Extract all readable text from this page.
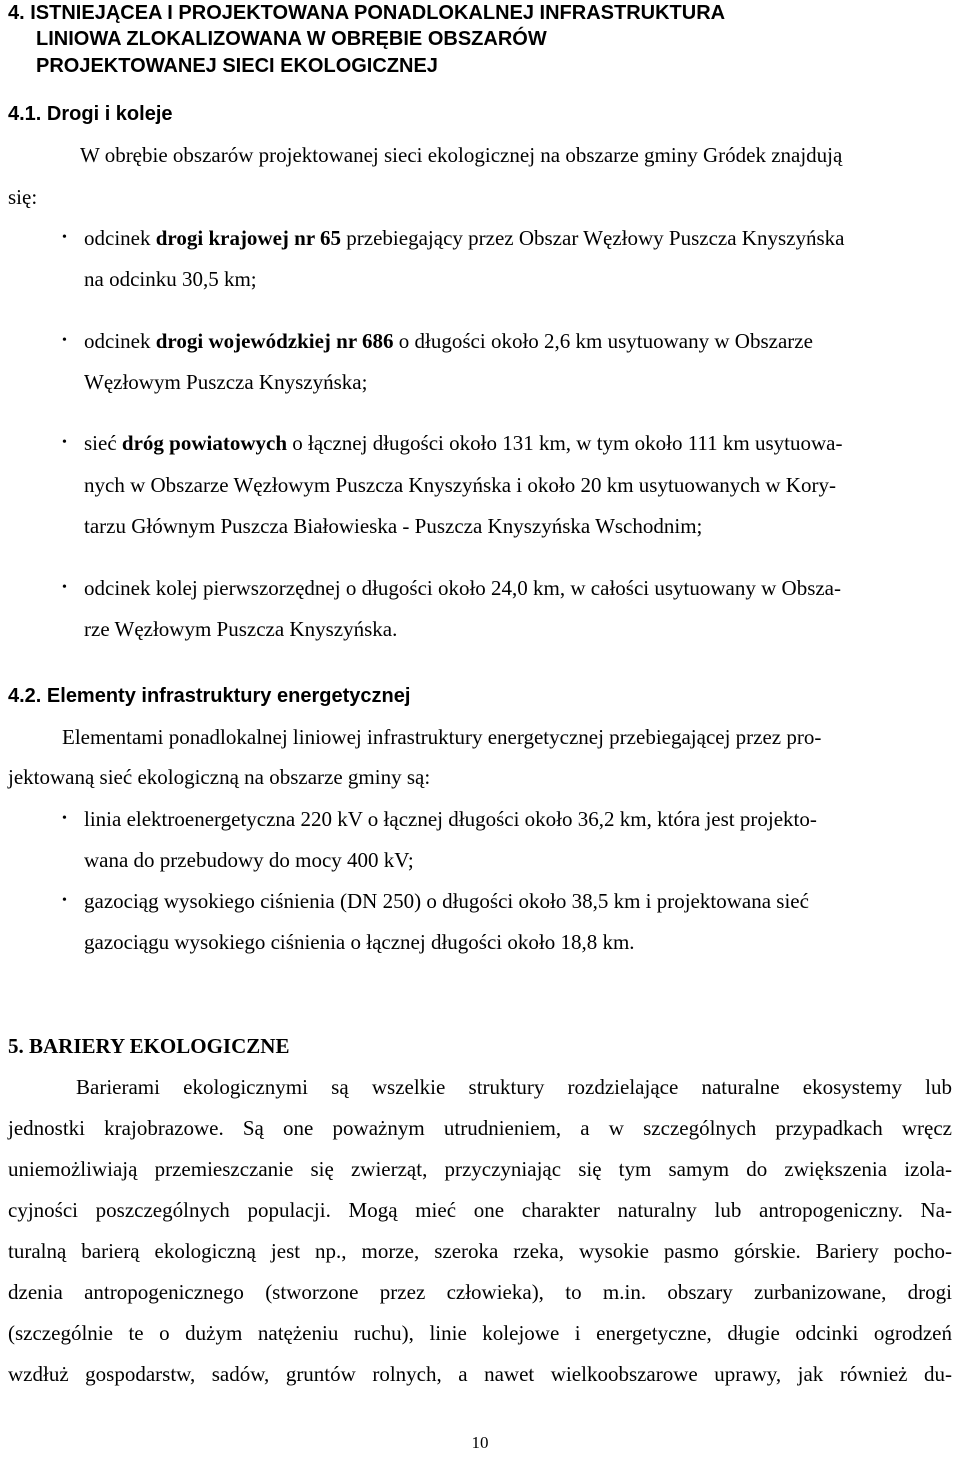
4. ISTNIEJĄCEA I PROJEKTOWANA PONADLOKALNEJ INFRASTRUKTURA
LINIOWA ZLOKALIZOWANA W OBRĘBIE OBSZARÓW
PROJEKTOWANEJ SIECI EKOLOGICZNEJ
4.1. Drogi i koleje
W obrębie obszarów projektowanej sieci ekologicznej na obszarze gminy Gródek znajdują
się:
• odcinek drogi krajowej nr 65 przebiegający przez Obszar Węzłowy Puszcza Knyszyńska
na odcinku 30,5 km;
• odcinek drogi wojewódzkiej nr 686 o długości około 2,6 km usytuowany w Obszarze
Węzłowym Puszcza Knyszyńska;
• sieć dróg powiatowych o łącznej długości około 131 km, w tym około 111 km usytuowa-
nych w Obszarze Węzłowym Puszcza Knyszyńska i około 20 km usytuowanych w Kory-
tarzu Głównym Puszcza Białowieska - Puszcza Knyszyńska Wschodnim;
• odcinek kolej pierwszorzędnej o długości około 24,0 km, w całości usytuowany w Obsza-
rze Węzłowym Puszcza Knyszyńska.
4.2. Elementy infrastruktury energetycznej
Elementami ponadlokalnej liniowej infrastruktury energetycznej przebiegającej przez pro-
jektowaną sieć ekologiczną na obszarze gminy są:
• linia elektroenergetyczna 220 kV o łącznej długości około 36,2 km, która jest projekto-
wana do przebudowy do mocy 400 kV;
• gazociąg wysokiego ciśnienia (DN 250) o długości około 38,5 km i projektowana sieć
gazociągu wysokiego ciśnienia o łącznej długości około 18,8 km.
5. BARIERY EKOLOGICZNE
Barierami ekologicznymi są wszelkie struktury rozdzielające naturalne ekosystemy lub
jednostki krajobrazowe. Są one poważnym utrudnieniem, a w szczególnych przypadkach wręcz
uniemożliwiają przemieszczanie się zwierząt, przyczyniając się tym samym do zwiększenia izola-
cyjności poszczególnych populacji. Mogą mieć one charakter naturalny lub antropogeniczny. Na-
turalną barierą ekologiczną jest np., morze, szeroka rzeka, wysokie pasmo górskie. Bariery pocho-
dzenia antropogenicznego (stworzone przez człowieka), to m.in. obszary zurbanizowane, drogi
(szczególnie te o dużym natężeniu ruchu), linie kolejowe i energetyczne, długie odcinki ogrodzeń
wzdłuż gospodarstw, sadów, gruntów rolnych, a nawet wielkoobszarowe uprawy, jak również du-
10
